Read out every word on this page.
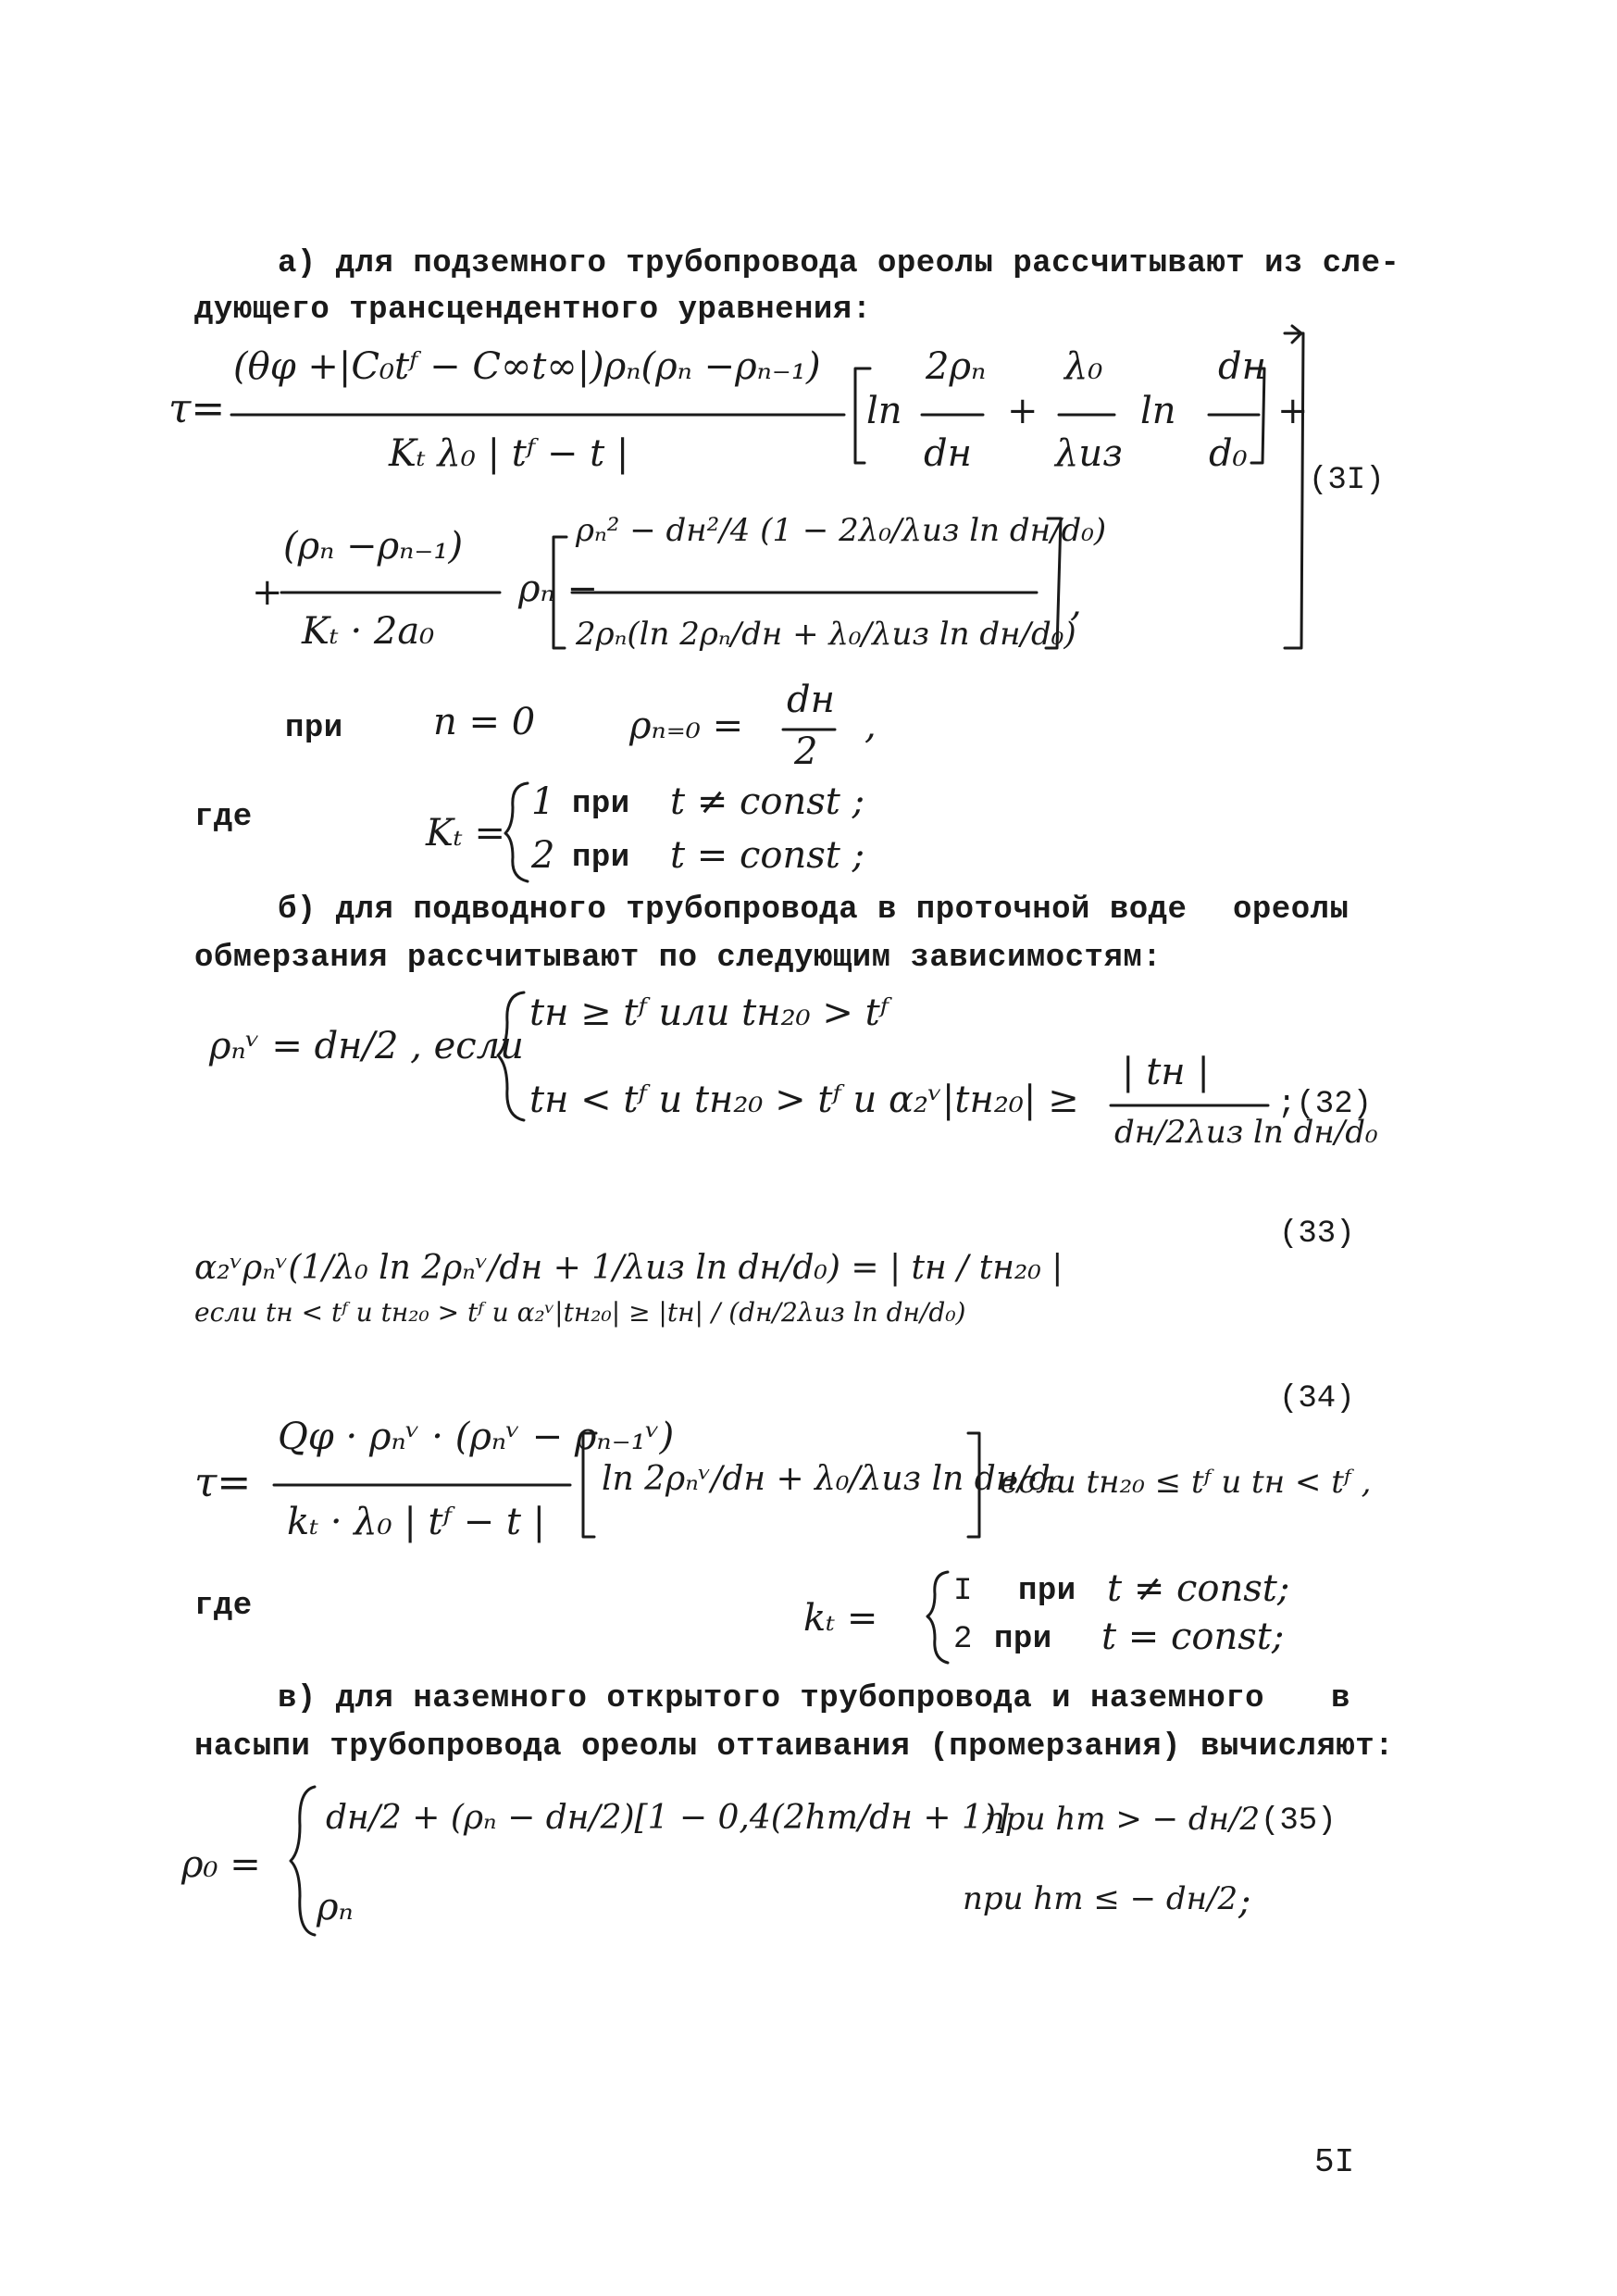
а) для подземного трубопровода ореолы рассчитывают из сле-
дующего трансцендентного уравнения:
τ=
(θφ +|C₀tᶠ − C∞t∞|)ρₙ(ρₙ −ρₙ₋₁)
Kₜ λ₀ | tᶠ − t |
2ρₙ
dн
ln	+
λ₀
λиз
ln
dн
d₀
+
+
(ρₙ −ρₙ₋₁)
Kₜ · 2a₀
ρₙ −
ρₙ² − dн²/4 (1 − 2λ₀/λиз ln dн/d₀)
2ρₙ(ln 2ρₙ/dн + λ₀/λиз ln dн/d₀)
,
(3I)
при n = 0	ρₙ₌₀ =
dн
2
,
где	Kₜ =
1 при t ≠ const ;
2 при t = const ;
б) для подводного трубопровода в проточной воде ореолы
обмерзания рассчитывают по следующим зависимостям:
ρₙᵛ = dн/2 , если
tн ≥ tᶠ или tн₂₀ > tᶠ
tн < tᶠ и tн₂₀ > tᶠ и α₂ᵛ|tн₂₀| ≥
| tн |
dн/2λиз ln dн/d₀
;(32)
(33)
α₂ᵛρₙᵛ(1/λ₀ ln 2ρₙᵛ/dн + 1/λиз ln dн/d₀) = | tн / tн₂₀ |
если tн < tᶠ и tн₂₀ > tᶠ и α₂ᵛ|tн₂₀| ≥ |tн| / (dн/2λиз ln dн/d₀)
(34)
τ=
Qφ · ρₙᵛ · (ρₙᵛ − ρₙ₋₁ᵛ)
kₜ · λ₀ | tᶠ − t |
ln 2ρₙᵛ/dн + λ₀/λиз ln dн/d₀
если tн₂₀ ≤ tᶠ и tн < tᶠ ,
где	kₜ =
I при t ≠ const;
2 при t = const;
в) для наземного открытого трубопровода и наземного в
насыпи трубопровода ореолы оттаивания (промерзания) вычисляют:
ρ₀ =
dн/2 + (ρₙ − dн/2)[1 − 0,4(2hт/dн + 1)]
при hт > − dн/2
ρₙ	при hт ≤ − dн/2 ;
(35)
5I
